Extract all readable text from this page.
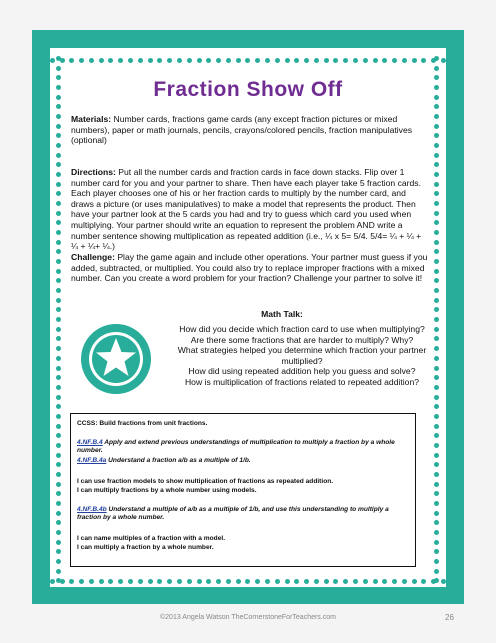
Fraction Show Off
Materials: Number cards, fractions game cards (any except fraction pictures or mixed numbers), paper or math journals, pencils, crayons/colored pencils, fraction manipulatives (optional)
Directions: Put all the number cards and fraction cards in face down stacks. Flip over 1 number card for you and your partner to share. Then have each player take 5 fraction cards. Each player chooses one of his or her fraction cards to multiply by the number card, and draws a picture (or uses manipulatives) to make a model that represents the product. Then have your partner look at the 5 cards you had and try to guess which card you used when multiplying. Your partner should write an equation to represent the problem AND write a number sentence showing multiplication as repeated addition (i.e., ¼ x 5= 5/4. 5/4= ¼ + ¼ + ¼ + ¼+ ¼.)
Challenge: Play the game again and include other operations. Your partner must guess if you added, subtracted, or multiplied. You could also try to replace improper fractions with a mixed number. Can you create a word problem for your fraction? Challenge your partner to solve it!
Math Talk:
How did you decide which fraction card to use when multiplying?
Are there some fractions that are harder to multiply? Why?
What strategies helped you determine which fraction your partner multiplied?
How did using repeated addition help you guess and solve?
How is multiplication of fractions related to repeated addition?
CCSS: Build fractions from unit fractions.
4.NF.B.4 Apply and extend previous understandings of multiplication to multiply a fraction by a whole number.
4.NF.B.4a Understand a fraction a/b as a multiple of 1/b.
I can use fraction models to show multiplication of fractions as repeated addition.
I can multiply fractions by a whole number using models.
4.NF.B.4b Understand a multiple of a/b as a multiple of 1/b, and use this understanding to multiply a fraction by a whole number.
I can name multiples of a fraction with a model.
I can multiply a fraction by a whole number.
©2013 Angela Watson TheCornerstoneForTeachers.com	26
